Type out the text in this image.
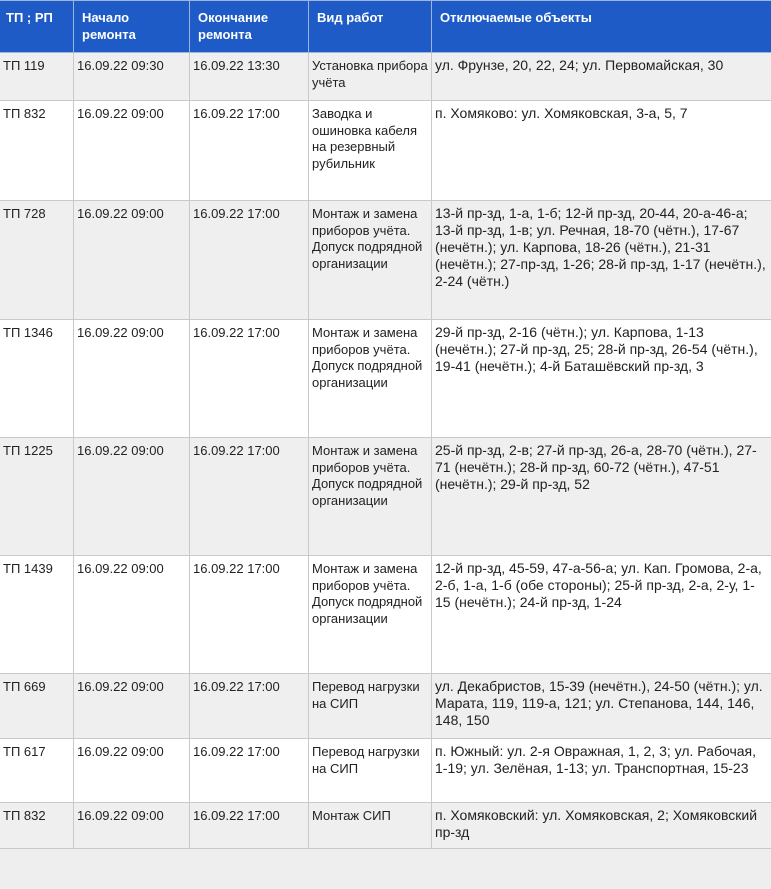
ТП ; РП	Начало ремонта	Окончание ремонта	Вид работ	Отключаемые объекты
ТП 119	16.09.22 09:30	16.09.22 13:30	Установка прибора учёта	ул. Фрунзе, 20, 22, 24; ул. Первомайская, 30
ТП 832	16.09.22 09:00	16.09.22 17:00	Заводка и ошиновка кабеля на резервный рубильник	п. Хомяково: ул. Хомяковская, 3-а, 5, 7
ТП 728	16.09.22 09:00	16.09.22 17:00	Монтаж и замена приборов учёта. Допуск подрядной организации	13-й пр-зд, 1-а, 1-б; 12-й пр-зд, 20-44, 20-а-46-а; 13-й пр-зд, 1-в; ул. Речная, 18-70 (чётн.), 17-67 (нечётн.); ул. Карпова, 18-26 (чётн.), 21-31 (нечётн.); 27-пр-зд, 1-26; 28-й пр-зд, 1-17 (нечётн.), 2-24 (чётн.)
ТП 1346	16.09.22 09:00	16.09.22 17:00	Монтаж и замена приборов учёта. Допуск подрядной организации	29-й пр-зд, 2-16 (чётн.); ул. Карпова, 1-13 (нечётн.); 27-й пр-зд, 25; 28-й пр-зд, 26-54 (чётн.), 19-41 (нечётн.); 4-й Баташёвский пр-зд, 3
ТП 1225	16.09.22 09:00	16.09.22 17:00	Монтаж и замена приборов учёта. Допуск подрядной организации	25-й пр-зд, 2-в; 27-й пр-зд, 26-а, 28-70 (чётн.), 27-71 (нечётн.); 28-й пр-зд, 60-72 (чётн.), 47-51 (нечётн.); 29-й пр-зд, 52
ТП 1439	16.09.22 09:00	16.09.22 17:00	Монтаж и замена приборов учёта. Допуск подрядной организации	12-й пр-зд, 45-59, 47-а-56-а; ул. Кап. Громова, 2-а, 2-б, 1-а, 1-б (обе стороны); 25-й пр-зд, 2-а, 2-у, 1-15 (нечётн.); 24-й пр-зд, 1-24
ТП 669	16.09.22 09:00	16.09.22 17:00	Перевод нагрузки на СИП	ул. Декабристов, 15-39 (нечётн.), 24-50 (чётн.); ул. Марата, 119, 119-а, 121; ул. Степанова, 144, 146, 148, 150
ТП 617	16.09.22 09:00	16.09.22 17:00	Перевод нагрузки на СИП	п. Южный: ул. 2-я Овражная, 1, 2, 3; ул. Рабочая, 1-19; ул. Зелёная, 1-13; ул. Транспортная, 15-23
ТП 832	16.09.22 09:00	16.09.22 17:00	Монтаж СИП	п. Хомяковский: ул. Хомяковская, 2; Хомяковский пр-зд
